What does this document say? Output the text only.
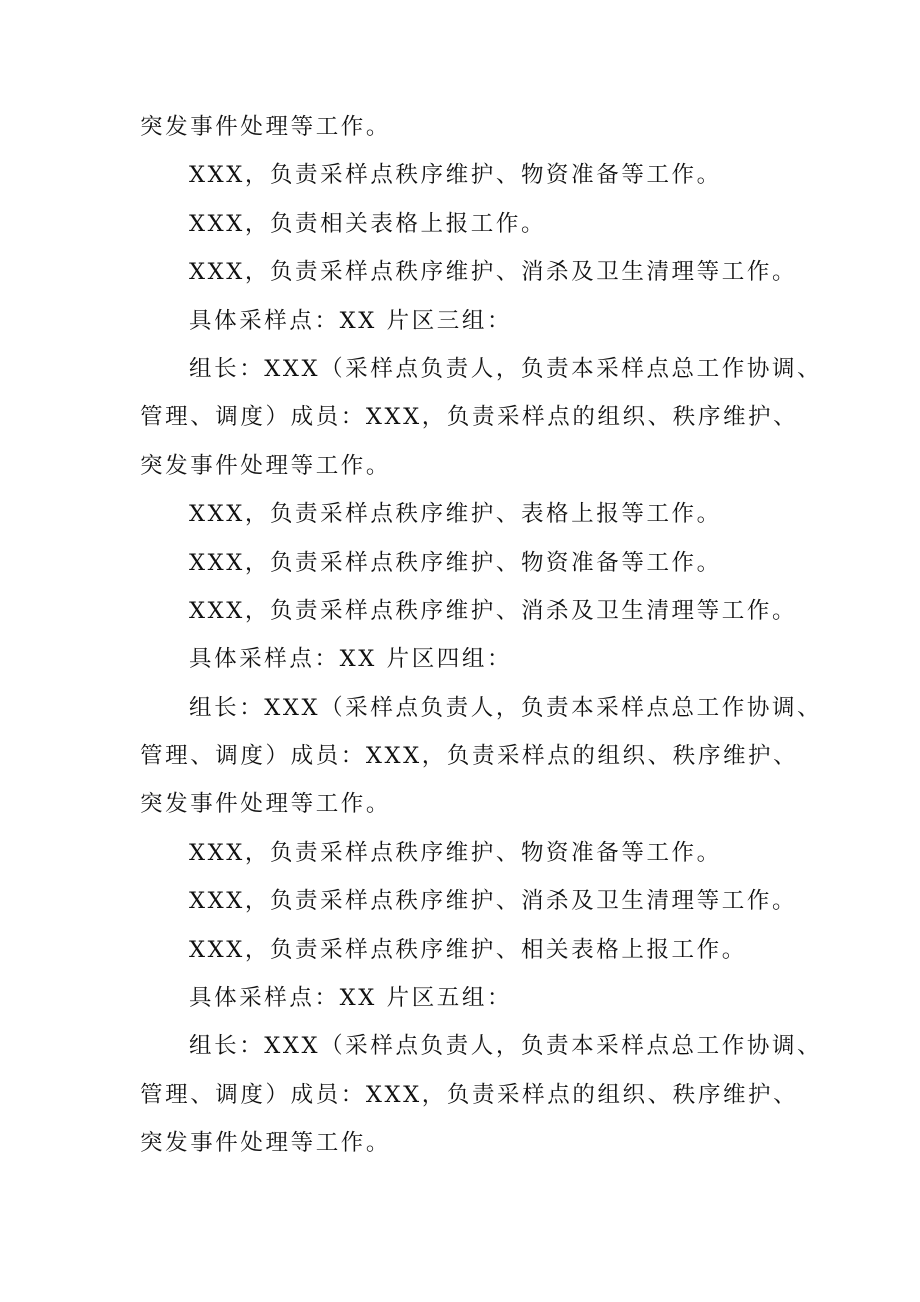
突发事件处理等工作。
XXX，负责采样点秩序维护、物资准备等工作。
XXX，负责相关表格上报工作。
XXX，负责采样点秩序维护、消杀及卫生清理等工作。
具体采样点：XX 片区三组：
组长：XXX（采样点负责人，负责本采样点总工作协调、
管理、调度）成员：XXX，负责采样点的组织、秩序维护、
突发事件处理等工作。
XXX，负责采样点秩序维护、表格上报等工作。
XXX，负责采样点秩序维护、物资准备等工作。
XXX，负责采样点秩序维护、消杀及卫生清理等工作。
具体采样点：XX 片区四组：
组长：XXX（采样点负责人，负责本采样点总工作协调、
管理、调度）成员：XXX，负责采样点的组织、秩序维护、
突发事件处理等工作。
XXX，负责采样点秩序维护、物资准备等工作。
XXX，负责采样点秩序维护、消杀及卫生清理等工作。
XXX，负责采样点秩序维护、相关表格上报工作。
具体采样点：XX 片区五组：
组长：XXX（采样点负责人，负责本采样点总工作协调、
管理、调度）成员：XXX，负责采样点的组织、秩序维护、
突发事件处理等工作。
